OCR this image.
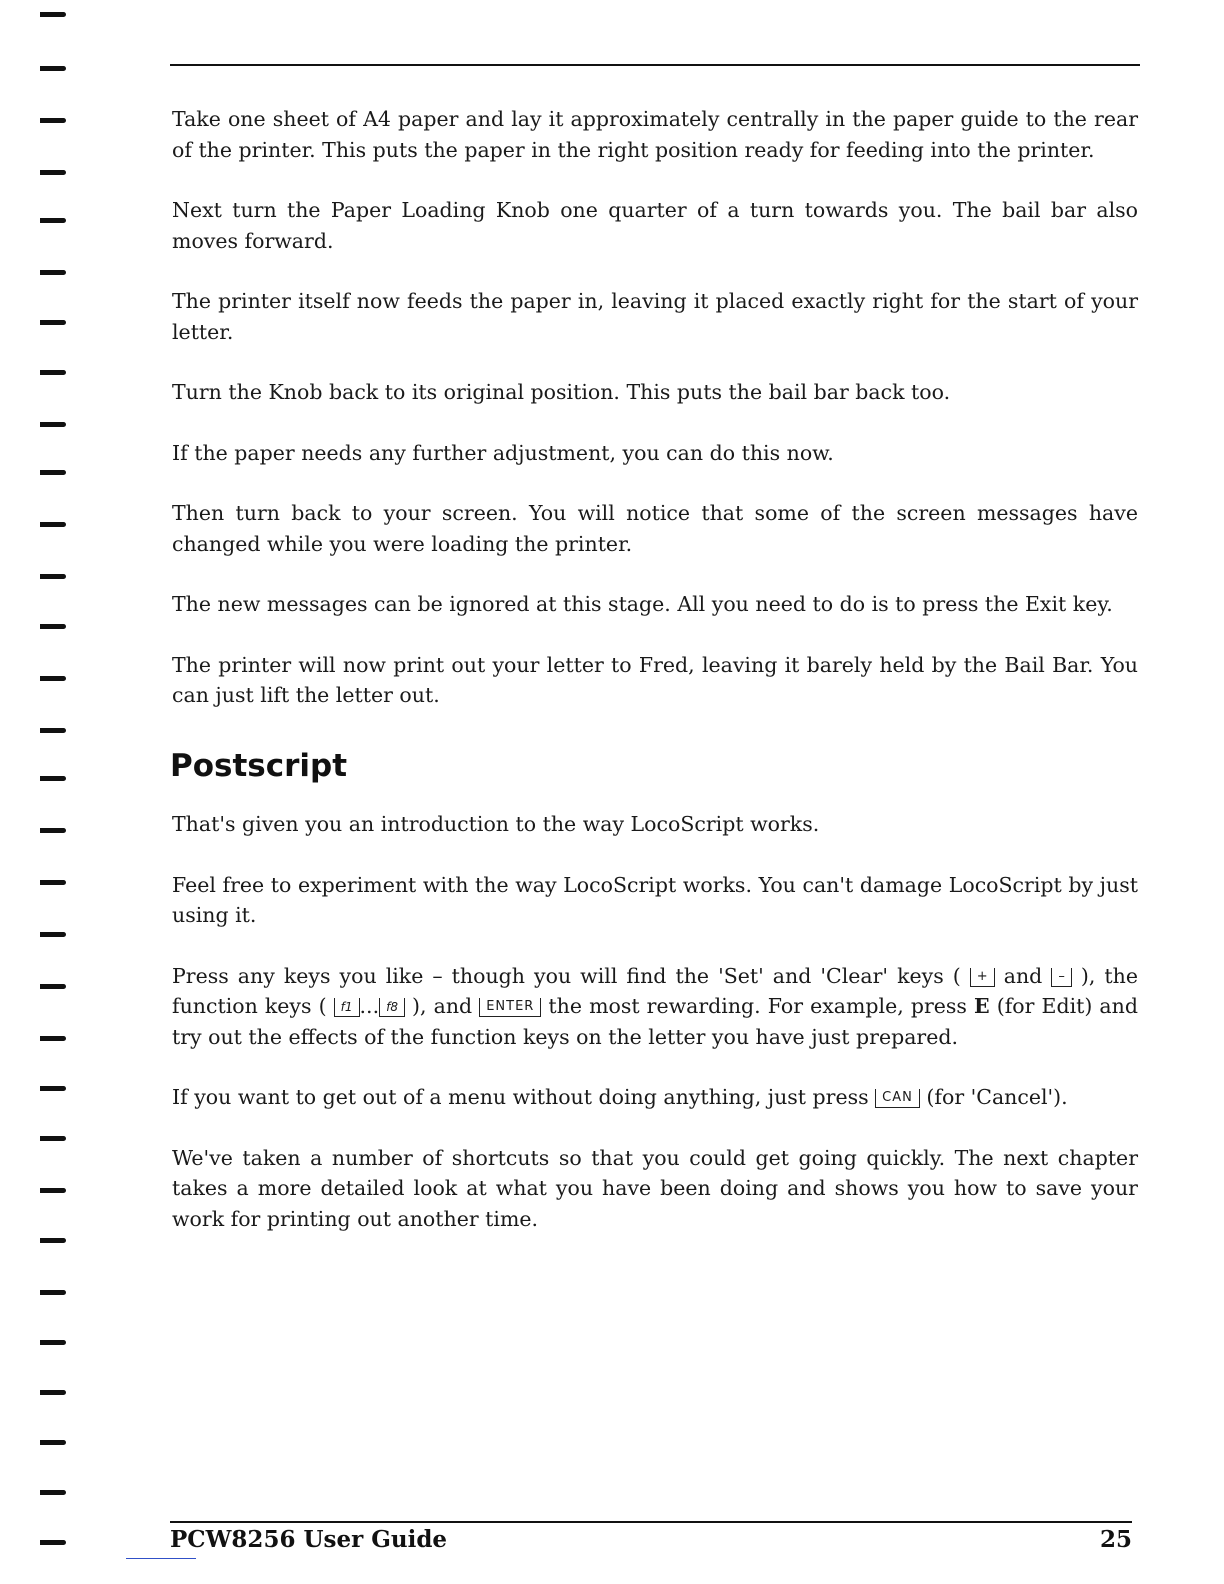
Take one sheet of A4 paper and lay it approximately centrally in the paper guide to the rear of the printer. This puts the paper in the right position ready for feeding into the printer.

Next turn the Paper Loading Knob one quarter of a turn towards you. The bail bar also moves forward.

The printer itself now feeds the paper in, leaving it placed exactly right for the start of your letter.

Turn the Knob back to its original position. This puts the bail bar back too.

If the paper needs any further adjustment, you can do this now.

Then turn back to your screen. You will notice that some of the screen messages have changed while you were loading the printer.

The new messages can be ignored at this stage. All you need to do is to press the Exit key.

The printer will now print out your letter to Fred, leaving it barely held by the Bail Bar. You can just lift the letter out.

Postscript

That's given you an introduction to the way LocoScript works.

Feel free to experiment with the way LocoScript works. You can't damage LocoScript by just using it.

Press any keys you like – though you will find the 'Set' and 'Clear' keys ( + and – ), the function keys ( f1 ... f8 ), and ENTER the most rewarding. For example, press E (for Edit) and try out the effects of the function keys on the letter you have just prepared.

If you want to get out of a menu without doing anything, just press CAN (for 'Cancel').

We've taken a number of shortcuts so that you could get going quickly. The next chapter takes a more detailed look at what you have been doing and shows you how to save your work for printing out another time.

PCW8256 User Guide	25
